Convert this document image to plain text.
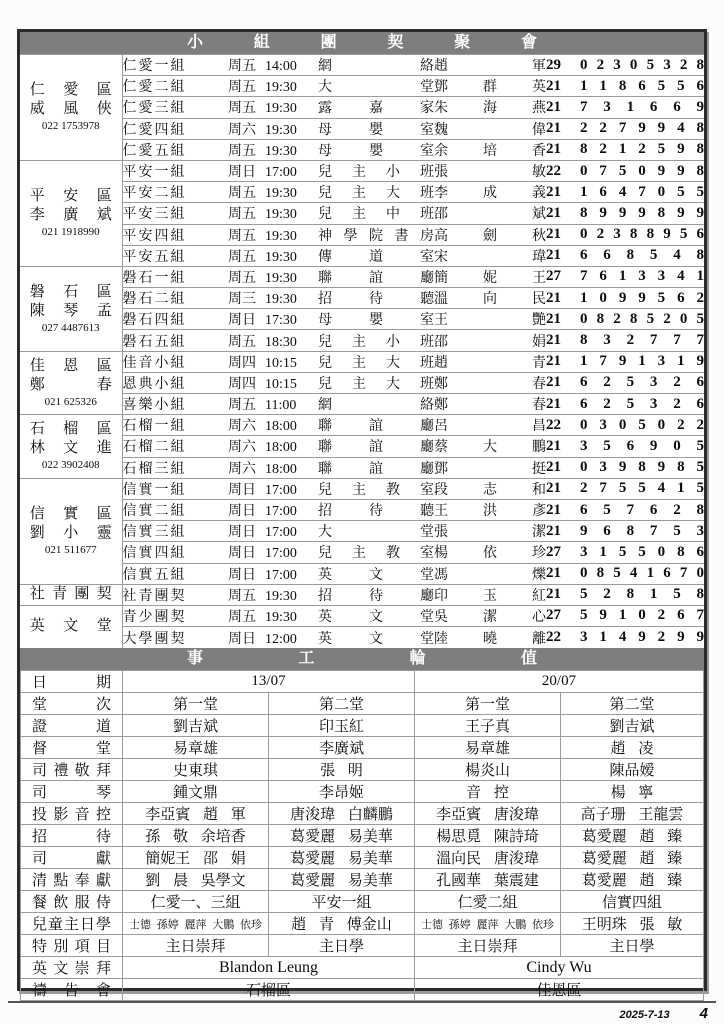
小組團契聚會
仁愛區
威風俠
022 1753978	仁愛一組	周五 14:00	網絡	趙軍	29	0 2 3 0 5 3 2 8
	仁愛二組	周五 19:30	大堂	鄧群英	21	1 1 8 6 5 5 6
	仁愛三組	周五 19:30	露嘉家	朱海燕	21	7 3 1 6 6 9
	仁愛四組	周六 19:30	母嬰室	魏偉	21	2 2 7 9 9 4 8
	仁愛五組	周五 19:30	母嬰室	余培香	21	8 2 1 2 5 9 8

平安區
李廣斌
021 1918990	平安一組	周日 17:00	兒主小班	張敏	22	0 7 5 0 9 9 8
	平安二組	周五 19:30	兒主大班	李成義	21	1 6 4 7 0 5 5
	平安三組	周五 19:30	兒主中班	邵斌	21	8 9 9 9 8 9 9
	平安四組	周五 19:30	神學院書房	高劍秋	21	0 2 3 8 8 9 5 6
	平安五組	周五 19:30	傳道室	宋瑋	21	6 6 8 5 4 8

磐石區
陳琴孟
027 4487613	磐石一組	周五 19:30	聯誼廳	簡妮王	27	7 6 1 3 3 4 1
	磐石二組	周三 19:30	招待聽	溫向民	21	1 0 9 9 5 6 2
	磐石四組	周日 17:30	母嬰室	王艷	21	0 8 2 8 5 2 0 5
	磐石五組	周五 18:30	兒主小班	邵娟	21	8 3 2 7 7 7

佳恩區
鄭春
021 625326	佳音小組	周四 10:15	兒主大班	趙青	21	1 7 9 1 3 1 9
	恩典小組	周四 10:15	兒主大班	鄭春	21	6 2 5 3 2 6
	喜樂小組	周五 11:00	網絡	鄭春	21	6 2 5 3 2 6

石榴區
林文進
022 3902408	石榴一組	周六 18:00	聯誼廳	呂昌	22	0 3 0 5 0 2 2
	石榴二組	周六 18:00	聯誼廳	蔡大鵬	21	3 5 6 9 0 5
	石榴三組	周六 18:00	聯誼廳	鄧挺	21	0 3 9 8 9 8 5

信實區
劉小靈
021 511677	信實一組	周日 17:00	兒主教室	段志和	21	2 7 5 5 4 1 5
	信實二組	周日 17:00	招待聽	王洪彥	21	6 5 7 6 2 8
	信實三組	周日 17:00	大堂	張潔	21	9 6 8 7 5 3
	信實四組	周日 17:00	兒主教室	楊依珍	27	3 1 5 5 0 8 6
	信實五組	周日 17:00	英文堂	馮爍	21	0 8 5 4 1 6 7 0

社青團契	社青團契	周五 19:30	招待廳	印玉紅	21	5 2 8 1 5 8

英文堂	青少團契	周五 19:30	英文堂	吳潔心	27	5 9 1 0 2 6 7
	大學團契	周日 12:00	英文堂	陸曉離	22	3 1 4 9 2 9 9
事工輪值
日期	13/07		20/07	
堂次	第一堂	第二堂	第一堂	第二堂
證道	劉吉斌	印玉紅	王子真	劉吉斌
督堂	易章雄	李廣斌	易章雄	趙 凌
司禮敬拜	史東琪	張 明	楊炎山	陳品嫒
司琴	鍾文鼎	李昂姬	音 控	楊 寧
投影音控	李亞賓 趙 軍	唐浚瑋 白麟鵬	李亞賓 唐浚瑋	高子珊 王龍雲
招待	孫 敬 余培香	葛愛麗 易美華	楊思覓 陳詩琦	葛愛麗 趙 臻
司獻	簡妮王 邵 娟	葛愛麗 易美華	溫向民 唐浚瑋	葛愛麗 趙 臻
清點奉獻	劉 晨 吳學文	葛愛麗 易美華	孔國華 葉震建	葛愛麗 趙 臻
餐飲服侍	仁愛一、三組	平安一組	仁愛二組	信實四組
兒童主日學	士德 孫婷 麗萍 大鵬 依珍	趙 青 傅金山	士德 孫婷 麗萍 大鵬 依珍	王明珠 張 敏
特別項目	主日崇拜	主日學	主日崇拜	主日學
英文崇拜	Blandon Leung		Cindy Wu	
禱告會	石榴區		佳恩區	
2025-7-13 4
